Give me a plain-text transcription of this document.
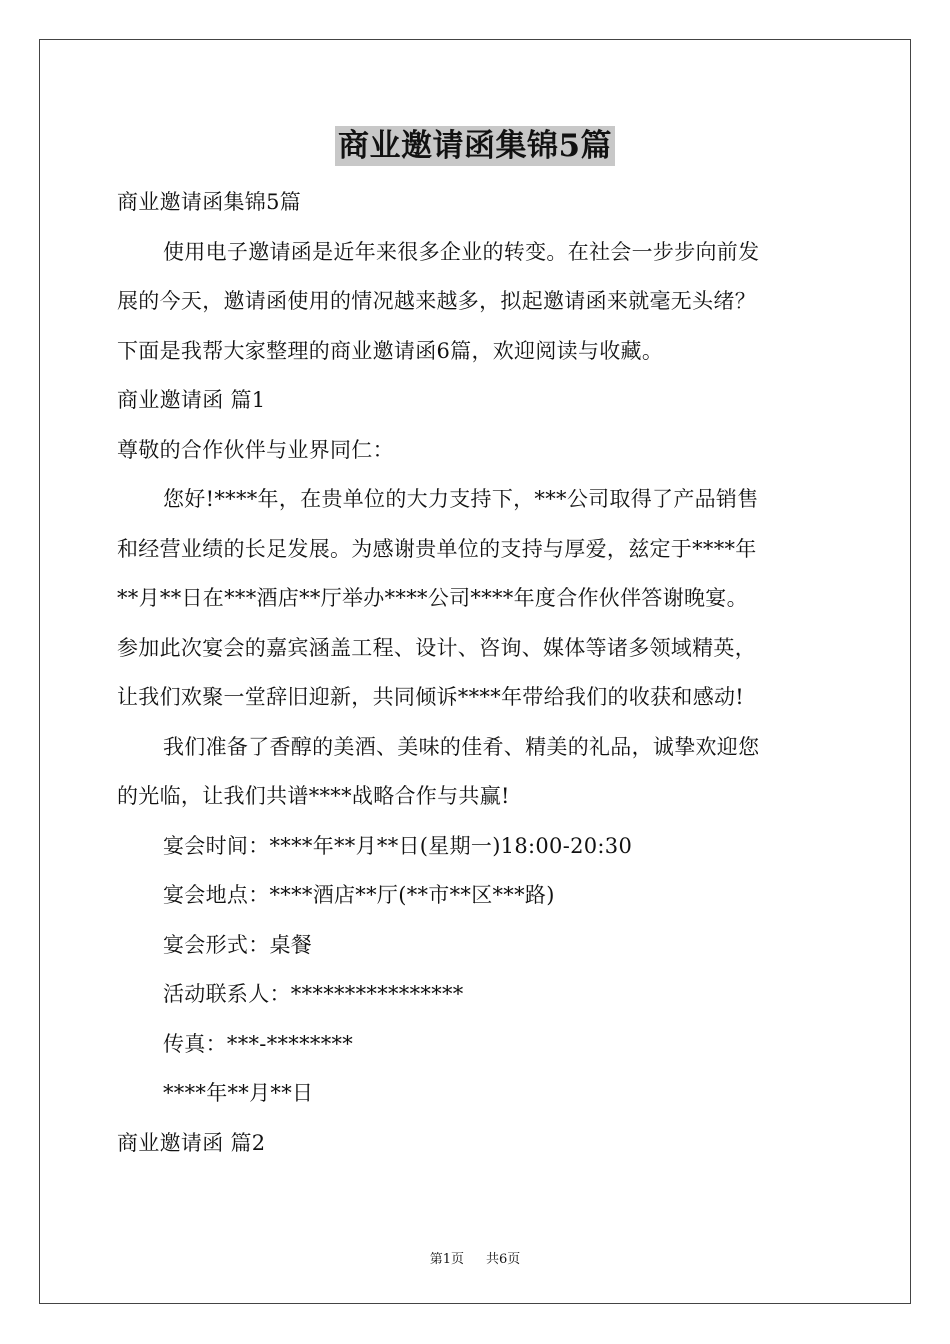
商业邀请函集锦5篇
商业邀请函集锦5篇
使用电子邀请函是近年来很多企业的转变。在社会一步步向前发
展的今天，邀请函使用的情况越来越多，拟起邀请函来就毫无头绪？
下面是我帮大家整理的商业邀请函6篇，欢迎阅读与收藏。
商业邀请函 篇1
尊敬的合作伙伴与业界同仁：
您好!****年，在贵单位的大力支持下，***公司取得了产品销售
和经营业绩的长足发展。为感谢贵单位的支持与厚爱，兹定于****年
**月**日在***酒店**厅举办****公司****年度合作伙伴答谢晚宴。
参加此次宴会的嘉宾涵盖工程、设计、咨询、媒体等诸多领域精英，
让我们欢聚一堂辞旧迎新，共同倾诉****年带给我们的收获和感动!
我们准备了香醇的美酒、美味的佳肴、精美的礼品，诚挚欢迎您
的光临，让我们共谱****战略合作与共赢!
宴会时间：****年**月**日(星期一)18:00-20:30
宴会地点：****酒店**厅(**市**区***路)
宴会形式：桌餐
活动联系人：****************
传真：***-********
****年**月**日
商业邀请函 篇2
第1页 共6页
